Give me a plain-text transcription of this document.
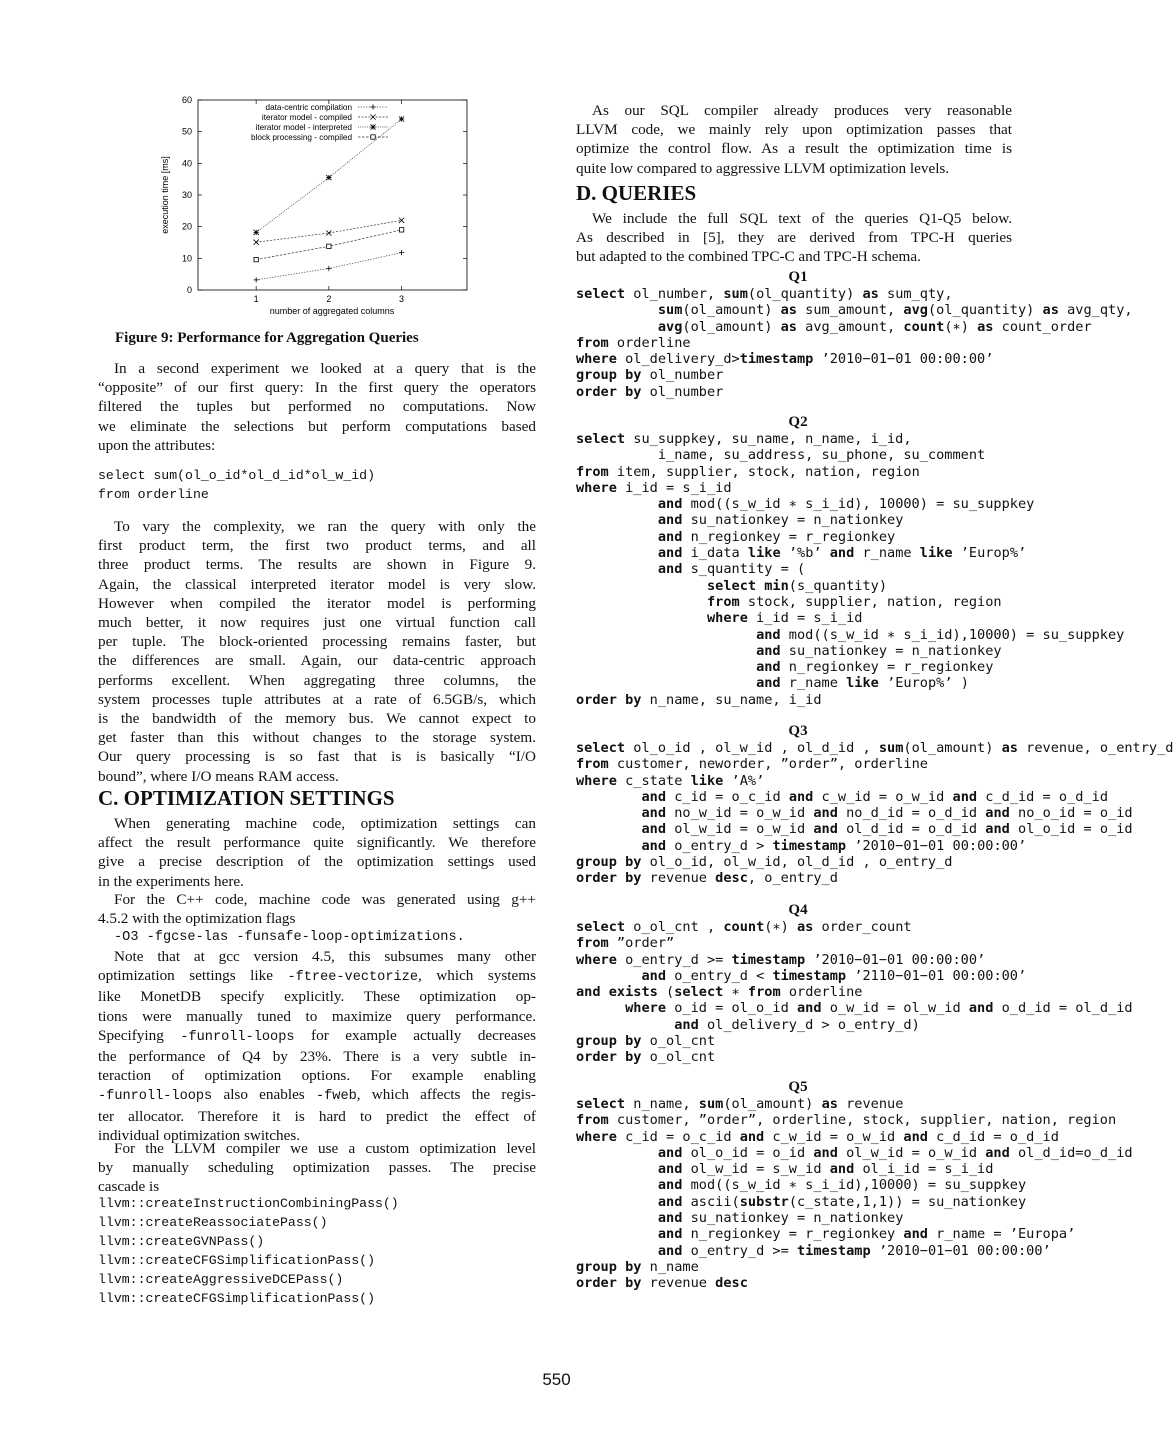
0
10
20
30
40
50
60
1	2	3
data-centric compilation
iterator model - compiled
iterator model - interpreted
block processing - compiled
number of aggregated columns
execution time [ms]
Figure 9: Performance for Aggregation Queries
In a second experiment we looked at a query that is the
“opposite” of our first query: In the first query the operators
filtered the tuples but performed no computations. Now
we eliminate the selections but perform computations based
upon the attributes:
select sum(ol_o_id*ol_d_id*ol_w_id)
from orderline
To vary the complexity, we ran the query with only the
first product term, the first two product terms, and all
three product terms. The results are shown in Figure 9.
Again, the classical interpreted iterator model is very slow.
However when compiled the iterator model is performing
much better, it now requires just one virtual function call
per tuple. The block-oriented processing remains faster, but
the differences are small. Again, our data-centric approach
performs excellent. When aggregating three columns, the
system processes tuple attributes at a rate of 6.5GB/s, which
is the bandwidth of the memory bus. We cannot expect to
get faster than this without changes to the storage system.
Our query processing is so fast that is is basically “I/O
bound”, where I/O means RAM access.
C. OPTIMIZATION SETTINGS
When generating machine code, optimization settings can
affect the result performance quite significantly. We therefore
give a precise description of the optimization settings used
in the experiments here.
For the C++ code, machine code was generated using g++
4.5.2 with the optimization flags
-O3 -fgcse-las -funsafe-loop-optimizations.
Note that at gcc version 4.5, this subsumes many other
optimization settings like -ftree-vectorize, which systems
like MonetDB specify explicitly. These optimization op-
tions were manually tuned to maximize query performance.
Specifying -funroll-loops for example actually decreases
the performance of Q4 by 23%. There is a very subtle in-
teraction of optimization options. For example enabling
-funroll-loops also enables -fweb, which affects the regis-
ter allocator. Therefore it is hard to predict the effect of
individual optimization switches.
For the LLVM compiler we use a custom optimization level
by manually scheduling optimization passes. The precise
cascade is
llvm::createInstructionCombiningPass()
llvm::createReassociatePass()
llvm::createGVNPass()
llvm::createCFGSimplificationPass()
llvm::createAggressiveDCEPass()
llvm::createCFGSimplificationPass()
As our SQL compiler already produces very reasonable
LLVM code, we mainly rely upon optimization passes that
optimize the control flow. As a result the optimization time is
quite low compared to aggressive LLVM optimization levels.
D. QUERIES
We include the full SQL text of the queries Q1-Q5 below.
As described in [5], they are derived from TPC-H queries
but adapted to the combined TPC-C and TPC-H schema.
Q1
select ol_number, sum(ol_quantity) as sum_qty,
sum(ol_amount) as sum_amount, avg(ol_quantity) as avg_qty,
avg(ol_amount) as avg_amount, count(∗) as count_order
from orderline
where ol_delivery_d>timestamp ’2010−01−01 00:00:00’
group by ol_number
order by ol_number
Q2
select su_suppkey, su_name, n_name, i_id,
i_name, su_address, su_phone, su_comment
from item, supplier, stock, nation, region
where i_id = s_i_id
and mod((s_w_id ∗ s_i_id), 10000) = su_suppkey
and su_nationkey = n_nationkey
and n_regionkey = r_regionkey
and i_data like ’%b’ and r_name like ’Europ%’
and s_quantity = (
select min(s_quantity)
from stock, supplier, nation, region
where i_id = s_i_id
and mod((s_w_id ∗ s_i_id),10000) = su_suppkey
and su_nationkey = n_nationkey
and n_regionkey = r_regionkey
and r_name like ’Europ%’ )
order by n_name, su_name, i_id
Q3
select ol_o_id , ol_w_id , ol_d_id , sum(ol_amount) as revenue, o_entry_d
from customer, neworder, ”order”, orderline
where c_state like ’A%’
and c_id = o_c_id and c_w_id = o_w_id and c_d_id = o_d_id
and no_w_id = o_w_id and no_d_id = o_d_id and no_o_id = o_id
and ol_w_id = o_w_id and ol_d_id = o_d_id and ol_o_id = o_id
and o_entry_d > timestamp ’2010−01−01 00:00:00’
group by ol_o_id, ol_w_id, ol_d_id , o_entry_d
order by revenue desc, o_entry_d
Q4
select o_ol_cnt , count(∗) as order_count
from ”order”
where o_entry_d >= timestamp ’2010−01−01 00:00:00’
and o_entry_d < timestamp ’2110−01−01 00:00:00’
and exists (select ∗ from orderline
where o_id = ol_o_id and o_w_id = ol_w_id and o_d_id = ol_d_id
and ol_delivery_d > o_entry_d)
group by o_ol_cnt
order by o_ol_cnt
Q5
select n_name, sum(ol_amount) as revenue
from customer, ”order”, orderline, stock, supplier, nation, region
where c_id = o_c_id and c_w_id = o_w_id and c_d_id = o_d_id
and ol_o_id = o_id and ol_w_id = o_w_id and ol_d_id=o_d_id
and ol_w_id = s_w_id and ol_i_id = s_i_id
and mod((s_w_id ∗ s_i_id),10000) = su_suppkey
and ascii(substr(c_state,1,1)) = su_nationkey
and su_nationkey = n_nationkey
and n_regionkey = r_regionkey and r_name = ’Europa’
and o_entry_d >= timestamp ’2010−01−01 00:00:00’
group by n_name
order by revenue desc
550
